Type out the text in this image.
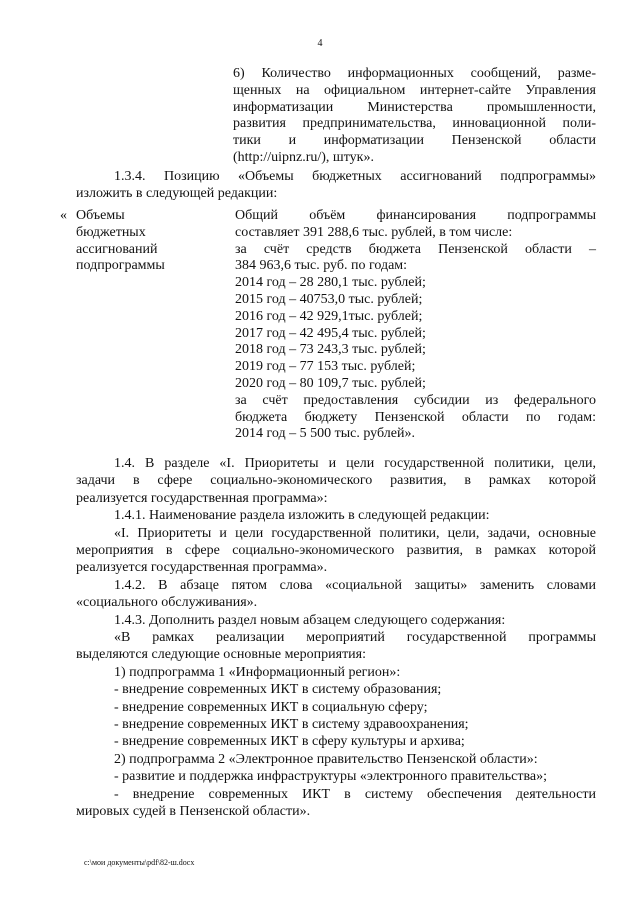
4
6) Количество информационных сообщений, разме-
щенных на официальном интернет-сайте Управления
информатизации Министерства промышленности,
развития предпринимательства, инновационной поли-
тики и информатизации Пензенской области
(http://uipnz.ru/), штук».
1.3.4. Позицию «Объемы бюджетных ассигнований подпрограммы»
изложить в следующей редакции:
« Объемы
бюджетных
ассигнований
подпрограммы
Общий объём финансирования подпрограммы
составляет 391 288,6 тыс. рублей, в том числе:
за счёт средств бюджета Пензенской области –
384 963,6 тыс. руб. по годам:
2014 год – 28 280,1 тыс. рублей;
2015 год – 40753,0 тыс. рублей;
2016 год – 42 929,1тыс. рублей;
2017 год – 42 495,4 тыс. рублей;
2018 год – 73 243,3 тыс. рублей;
2019 год – 77 153 тыс. рублей;
2020 год – 80 109,7 тыс. рублей;
за счёт предоставления субсидии из федерального
бюджета бюджету Пензенской области по годам:
2014 год – 5 500 тыс. рублей».
1.4. В разделе «I. Приоритеты и цели государственной политики, цели,
задачи в сфере социально-экономического развития, в рамках которой
реализуется государственная программа»:
1.4.1. Наименование раздела изложить в следующей редакции:
«I. Приоритеты и цели государственной политики, цели, задачи, основные
мероприятия в сфере социально-экономического развития, в рамках которой
реализуется государственная программа».
1.4.2. В абзаце пятом слова «социальной защиты» заменить словами
«социального обслуживания».
1.4.3. Дополнить раздел новым абзацем следующего содержания:
«В рамках реализации мероприятий государственной программы
выделяются следующие основные мероприятия:
1) подпрограмма 1 «Информационный регион»:
- внедрение современных ИКТ в систему образования;
- внедрение современных ИКТ в социальную сферу;
- внедрение современных ИКТ в систему здравоохранения;
- внедрение современных ИКТ в сферу культуры и архива;
2) подпрограмма 2 «Электронное правительство Пензенской области»:
- развитие и поддержка инфраструктуры «электронного правительства»;
- внедрение современных ИКТ в систему обеспечения деятельности
мировых судей в Пензенской области».
c:\мои документы\pdf\82-ш.docx
